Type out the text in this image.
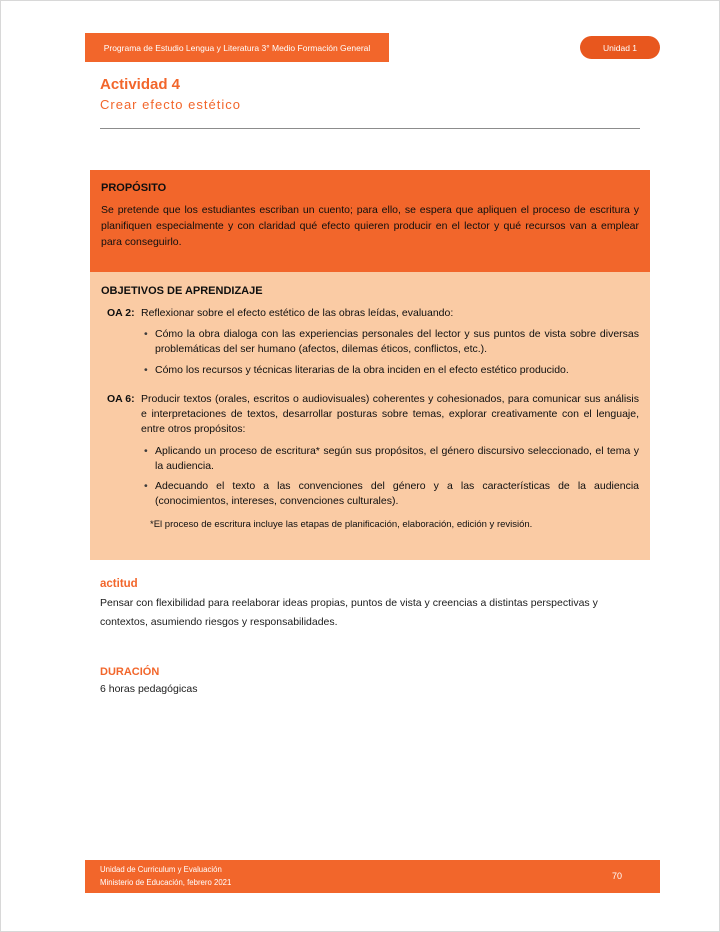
Programa de Estudio Lengua y Literatura 3° Medio Formación General	Unidad 1
Actividad 4
Crear efecto estético
PROPÓSITO

Se pretende que los estudiantes escriban un cuento; para ello, se espera que apliquen el proceso de escritura y planifiquen especialmente y con claridad qué efecto quieren producir en el lector y qué recursos van a emplear para conseguirlo.

OBJETIVOS DE APRENDIZAJE
OA 2: Reflexionar sobre el efecto estético de las obras leídas, evaluando:
• Cómo la obra dialoga con las experiencias personales del lector y sus puntos de vista sobre diversas problemáticas del ser humano (afectos, dilemas éticos, conflictos, etc.).
• Cómo los recursos y técnicas literarias de la obra inciden en el efecto estético producido.
OA 6: Producir textos (orales, escritos o audiovisuales) coherentes y cohesionados, para comunicar sus análisis e interpretaciones de textos, desarrollar posturas sobre temas, explorar creativamente con el lenguaje, entre otros propósitos:
• Aplicando un proceso de escritura* según sus propósitos, el género discursivo seleccionado, el tema y la audiencia.
• Adecuando el texto a las convenciones del género y a las características de la audiencia (conocimientos, intereses, convenciones culturales).

*El proceso de escritura incluye las etapas de planificación, elaboración, edición y revisión.

actitud

Pensar con flexibilidad para reelaborar ideas propias, puntos de vista y creencias a distintas perspectivas y contextos, asumiendo riesgos y responsabilidades.

DURACIÓN

6 horas pedagógicas

Unidad de Curriculum y Evaluación
Ministerio de Educación, febrero 2021
70
